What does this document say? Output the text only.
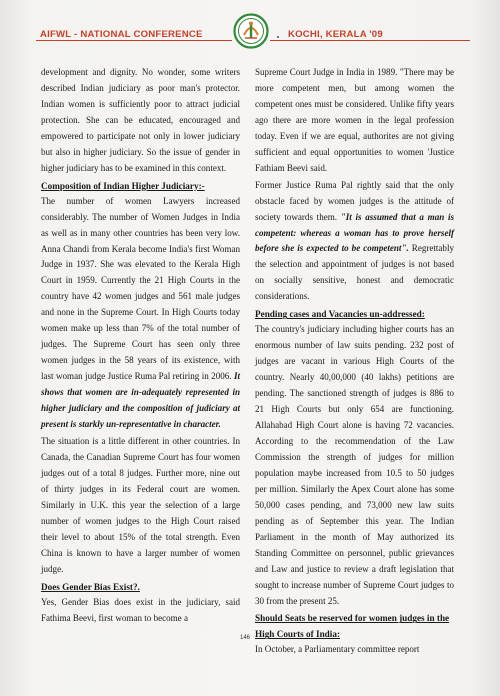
AIFWL - NATIONAL CONFERENCE	KOCHI, KERALA '09

development and dignity. No wonder, some writers described Indian judiciary as poor man's protector. Indian women is sufficiently poor to attract judicial protection. She can be educated, encouraged and empowered to participate not only in lower judiciary but also in higher judiciary. So the issue of gender in higher judiciary has to be examined in this context.

Composition of Indian Higher Judiciary:-

The number of women Lawyers increased considerably. The number of Women Judges in India as well as in many other countries has been very low. Anna Chandi from Kerala become India's first Woman Judge in 1937. She was elevated to the Kerala High Court in 1959. Currently the 21 High Courts in the country have 42 women judges and 561 male judges and none in the Supreme Court. In High Courts today women make up less than 7% of the total number of judges. The Supreme Court has seen only three women judges in the 58 years of its existence, with last woman judge Justice Ruma Pal retiring in 2006. It shows that women are in-adequately represented in higher judiciary and the composition of judiciary at present is starkly un-representative in character.

The situation is a little different in other countries. In Canada, the Canadian Supreme Court has four women judges out of a total 8 judges. Further more, nine out of thirty judges in its Federal court are women. Similarly in U.K. this year the selection of a large number of women judges to the High Court raised their level to about 15% of the total strength. Even China is known to have a larger number of women judge.

Does Gender Bias Exist?.

Yes, Gender Bias does exist in the judiciary, said Fathima Beevi, first woman to become a

Supreme Court Judge in India in 1989. "There may be more competent men, but among women the competent ones must be considered. Unlike fifty years ago there are more women in the legal profession today. Even if we are equal, authorites are not giving sufficient and equal opportunities to women 'Justice Fathiam Beevi said.

Former Justice Ruma Pal rightly said that the only obstacle faced by women judges is the attitude of society towards them. "It is assumed that a man is competent: whereas a woman has to prove herself before she is expected to be competent". Regrettably the selection and appointment of judges is not based on socially sensitive, honest and democratic considerations.

Pending cases and Vacancies un-addressed:

The country's judiciary including higher courts has an enormous number of law suits pending. 232 post of judges are vacant in various High Courts of the country. Nearly 40,00,000 (40 lakhs) petitions are pending. The sanctioned strength of judges is 886 to 21 High Courts but only 654 are functioning. Allahabad High Court alone is having 72 vacancies. According to the recommendation of the Law Commission the strength of judges for million population maybe increased from 10.5 to 50 judges per million. Similarly the Apex Court alone has some 50,000 cases pending, and 73,000 new law suits pending as of September this year. The Indian Parliament in the month of May authorized its Standing Committee on personnel, public grievances and Law and justice to review a draft legislation that sought to increase number of Supreme Court judges to 30 from the present 25.

Should Seats be reserved for women judges in the High Courts of India:

In October, a Parliamentary committee report

146
